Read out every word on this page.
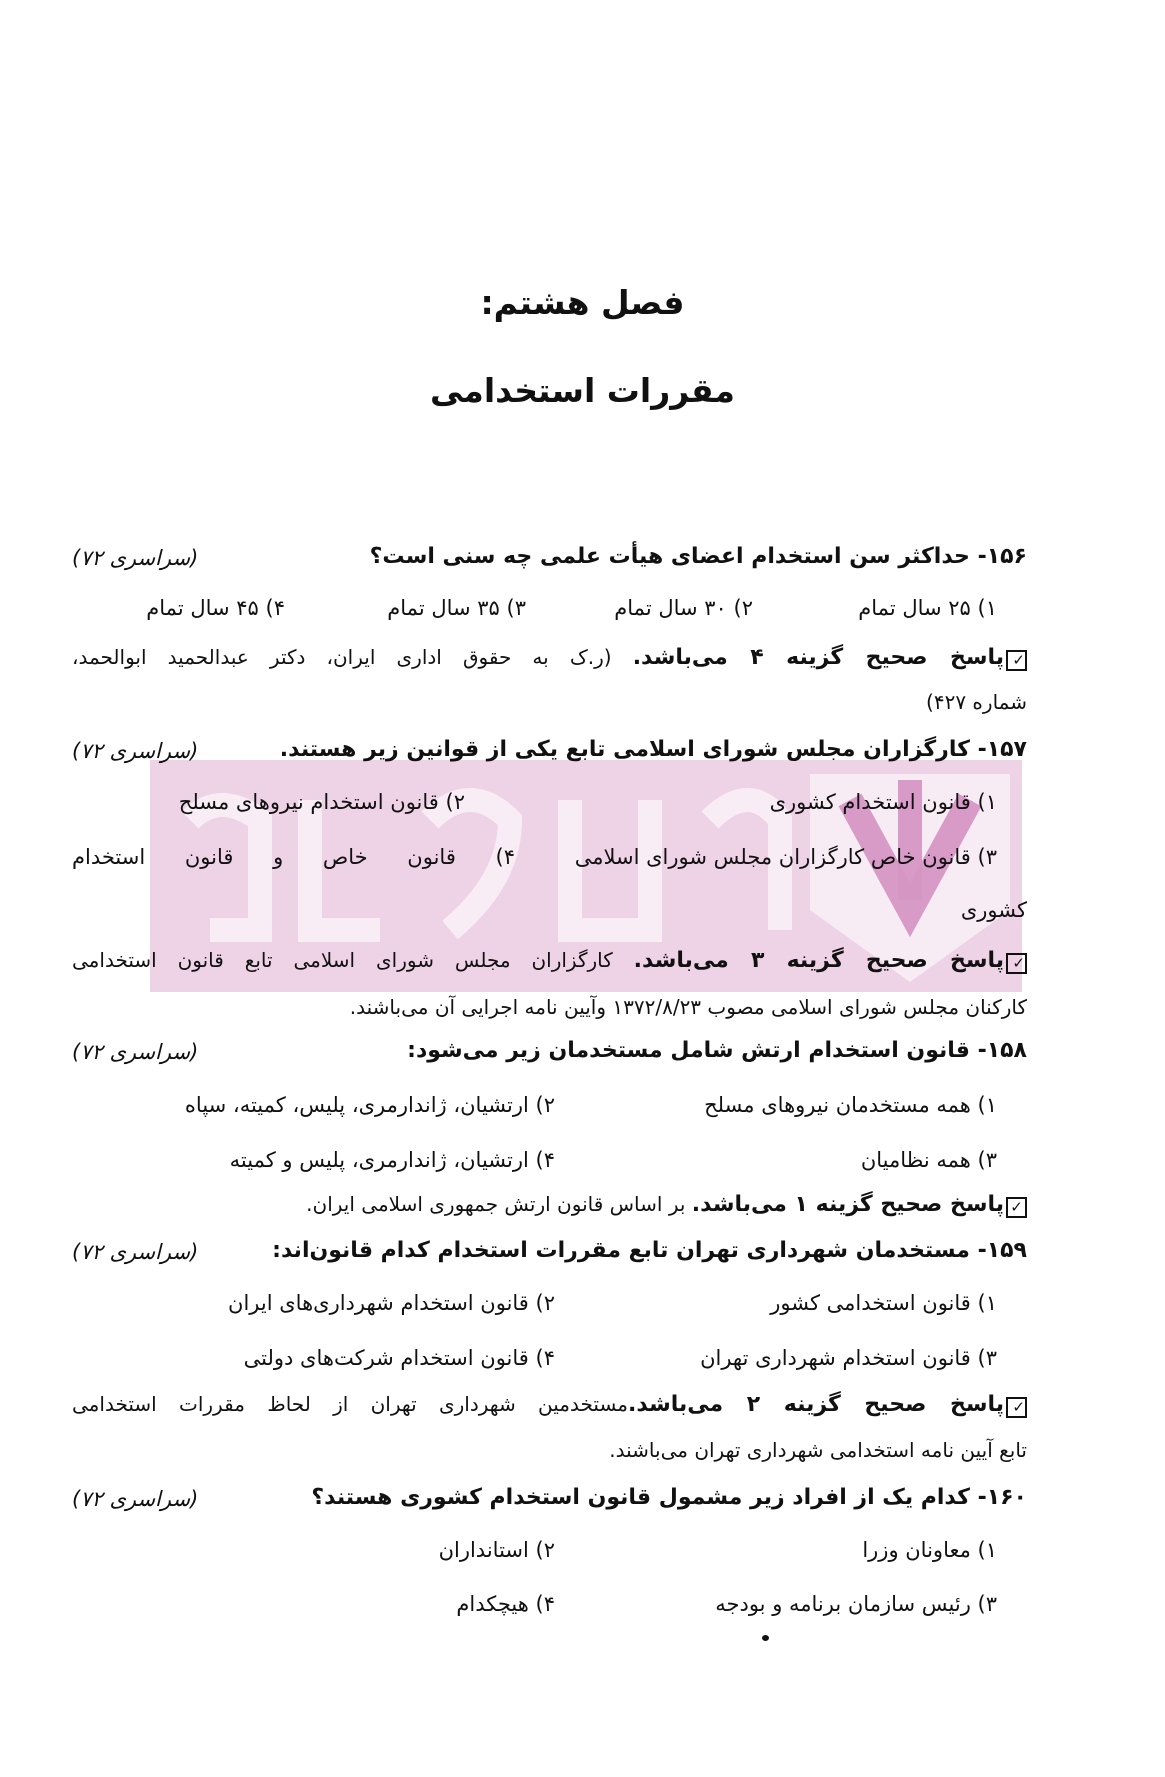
فصل هشتم:
مقررات استخدامی
۱۵۶- حداکثر سن استخدام اعضای هیأت علمی چه سنی است؟
(سراسری ۷۲)
۱) ۲۵ سال تمام
۲) ۳۰ سال تمام
۳) ۳۵ سال تمام
۴) ۴۵ سال تمام
✓پاسخ صحیح گزینه ۴ می‌باشد. (ر.ک به حقوق اداری ایران، دکتر عبدالحمید ابوالحمد،
شماره ۴۲۷)
۱۵۷- کارگزاران مجلس شورای اسلامی تابع یکی از قوانین زیر هستند.
(سراسری ۷۲)
۱) قانون استخدام کشوری
۲) قانون استخدام نیروهای مسلح
۳) قانون خاص کارگزاران مجلس شورای اسلامی
۴) قانون خاص و قانون استخدام
کشوری
✓پاسخ صحیح گزینه ۳ می‌باشد. کارگزاران مجلس شورای اسلامی تابع قانون استخدامی
کارکنان مجلس شورای اسلامی مصوب ۱۳۷۲/۸/۲۳ وآیین نامه اجرایی آن می‌باشند.
۱۵۸- قانون استخدام ارتش شامل مستخدمان زیر می‌شود:
(سراسری ۷۲)
۱) همه مستخدمان نیروهای مسلح
۲) ارتشیان، ژاندارمری، پلیس، کمیته، سپاه
۳) همه نظامیان
۴) ارتشیان، ژاندارمری، پلیس و کمیته
✓پاسخ صحیح گزینه ۱ می‌باشد. بر اساس قانون ارتش جمهوری اسلامی ایران.
۱۵۹- مستخدمان شهرداری تهران تابع مقررات استخدام کدام قانون‌اند:
(سراسری ۷۲)
۱) قانون استخدامی کشور
۲) قانون استخدام شهرداری‌های ایران
۳) قانون استخدام شهرداری تهران
۴) قانون استخدام شرکت‌های دولتی
✓پاسخ صحیح گزینه ۲ می‌باشد.مستخدمین شهرداری تهران از لحاظ مقررات استخدامی
تابع آیین نامه استخدامی شهرداری تهران می‌باشند.
۱۶۰- کدام یک از افراد زیر مشمول قانون استخدام کشوری هستند؟
(سراسری ۷۲)
۱) معاونان وزرا
۲) استانداران
۳) رئیس سازمان برنامه و بودجه
۴) هیچکدام
